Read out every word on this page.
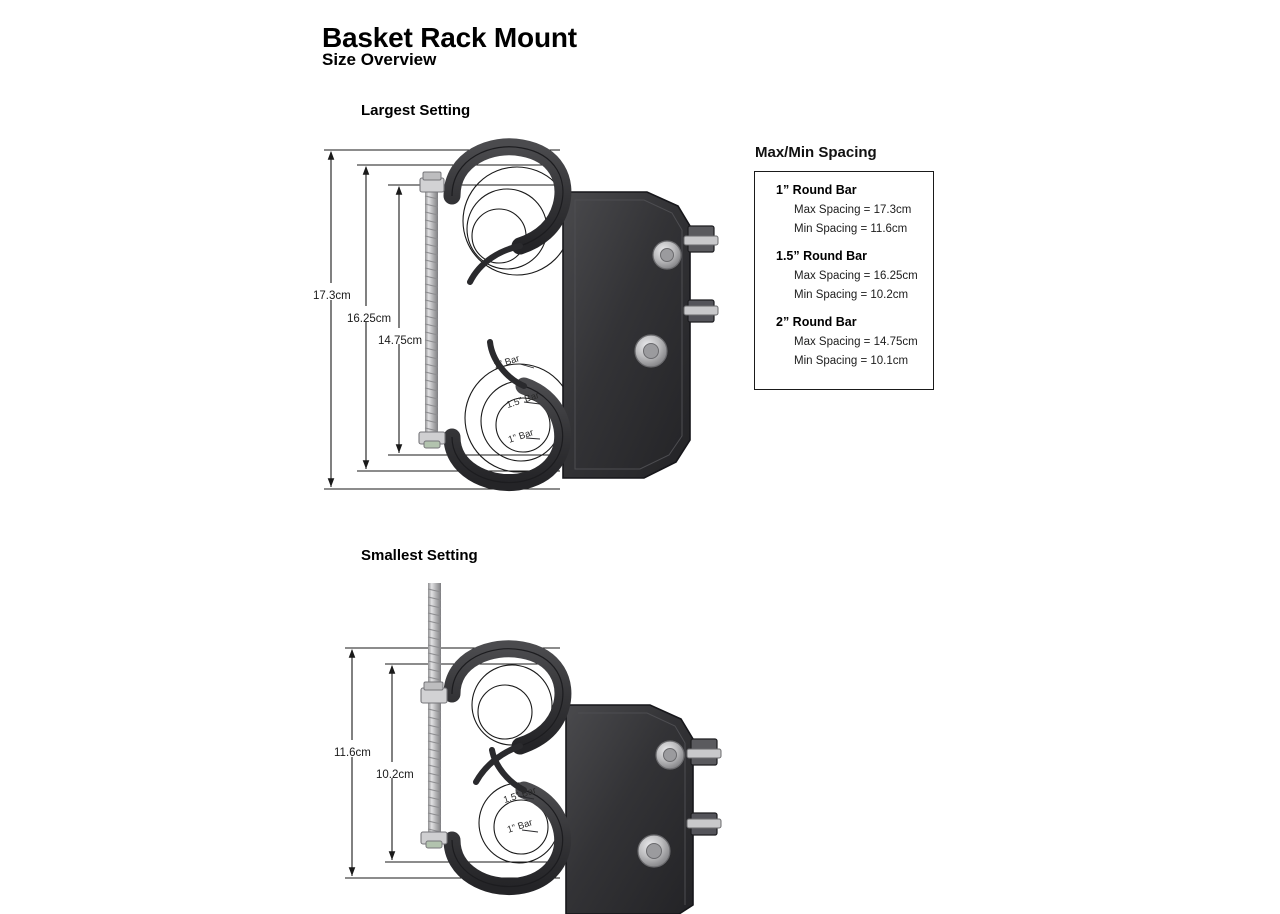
Basket Rack Mount
Size Overview
Largest Setting
Smallest Setting
Max/Min Spacing
1” Round Bar
Max Spacing = 17.3cm
Min Spacing = 11.6cm
1.5” Round Bar
Max Spacing = 16.25cm
Min Spacing = 10.2cm
2” Round Bar
Max Spacing = 14.75cm
Min Spacing = 10.1cm
17.3cm
16.25cm
14.75cm
2” Bar
1.5” Bar
1” Bar
11.6cm
10.2cm
1.5” Bar
1” Bar
